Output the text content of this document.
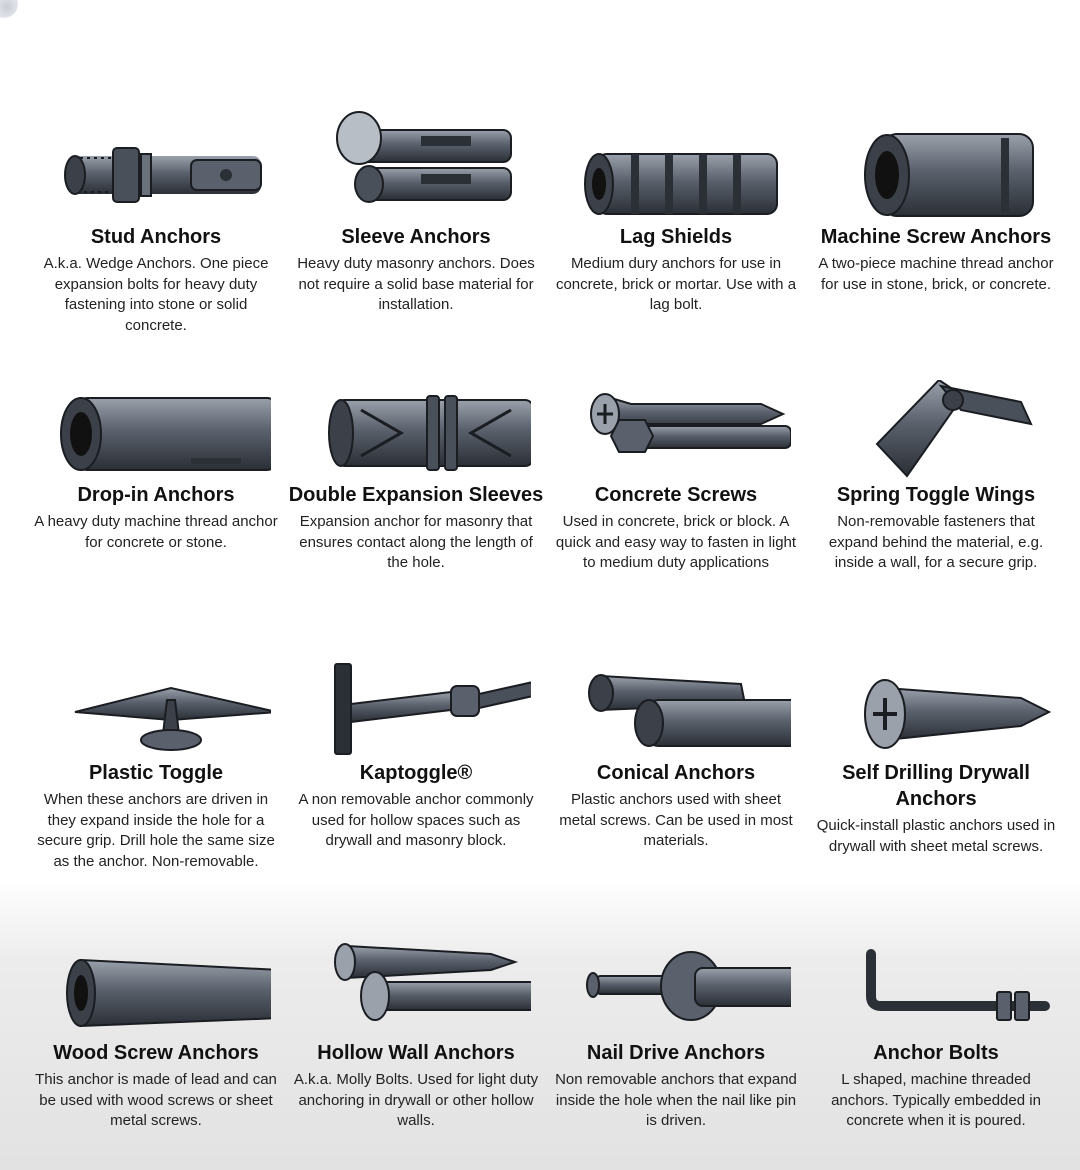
Stud Anchors
A.k.a. Wedge Anchors. One piece expansion bolts for heavy duty fastening into stone or solid concrete.
Sleeve Anchors
Heavy duty masonry anchors. Does not require a solid base material for installation.
Lag Shields
Medium dury anchors for use in concrete, brick or mortar. Use with a lag bolt.
Machine Screw Anchors
A two-piece machine thread anchor for use in stone, brick, or concrete.
Drop-in Anchors
A heavy duty machine thread anchor for concrete or stone.
Double Expansion Sleeves
Expansion anchor for masonry that ensures contact along the length of the hole.
Concrete Screws
Used in concrete, brick or block. A quick and easy way to fasten in light to medium duty applications
Spring Toggle Wings
Non-removable fasteners that expand behind the material, e.g. inside a wall, for a secure grip.
Plastic Toggle
When these anchors are driven in they expand inside the hole for a secure grip. Drill hole the same size as the anchor. Non-removable.
Kaptoggle®
A non removable anchor commonly used for hollow spaces such as drywall and masonry block.
Conical Anchors
Plastic anchors used with sheet metal screws. Can be used in most materials.
Self Drilling Drywall Anchors
Quick-install plastic anchors used in drywall with sheet metal screws.
Wood Screw Anchors
This anchor is made of lead and can be used with wood screws or sheet metal screws.
Hollow Wall Anchors
A.k.a. Molly Bolts. Used for light duty anchoring in drywall or other hollow walls.
Nail Drive Anchors
Non removable anchors that expand inside the hole when the nail like pin is driven.
Anchor Bolts
L shaped, machine threaded anchors. Typically embedded in concrete when it is poured.
